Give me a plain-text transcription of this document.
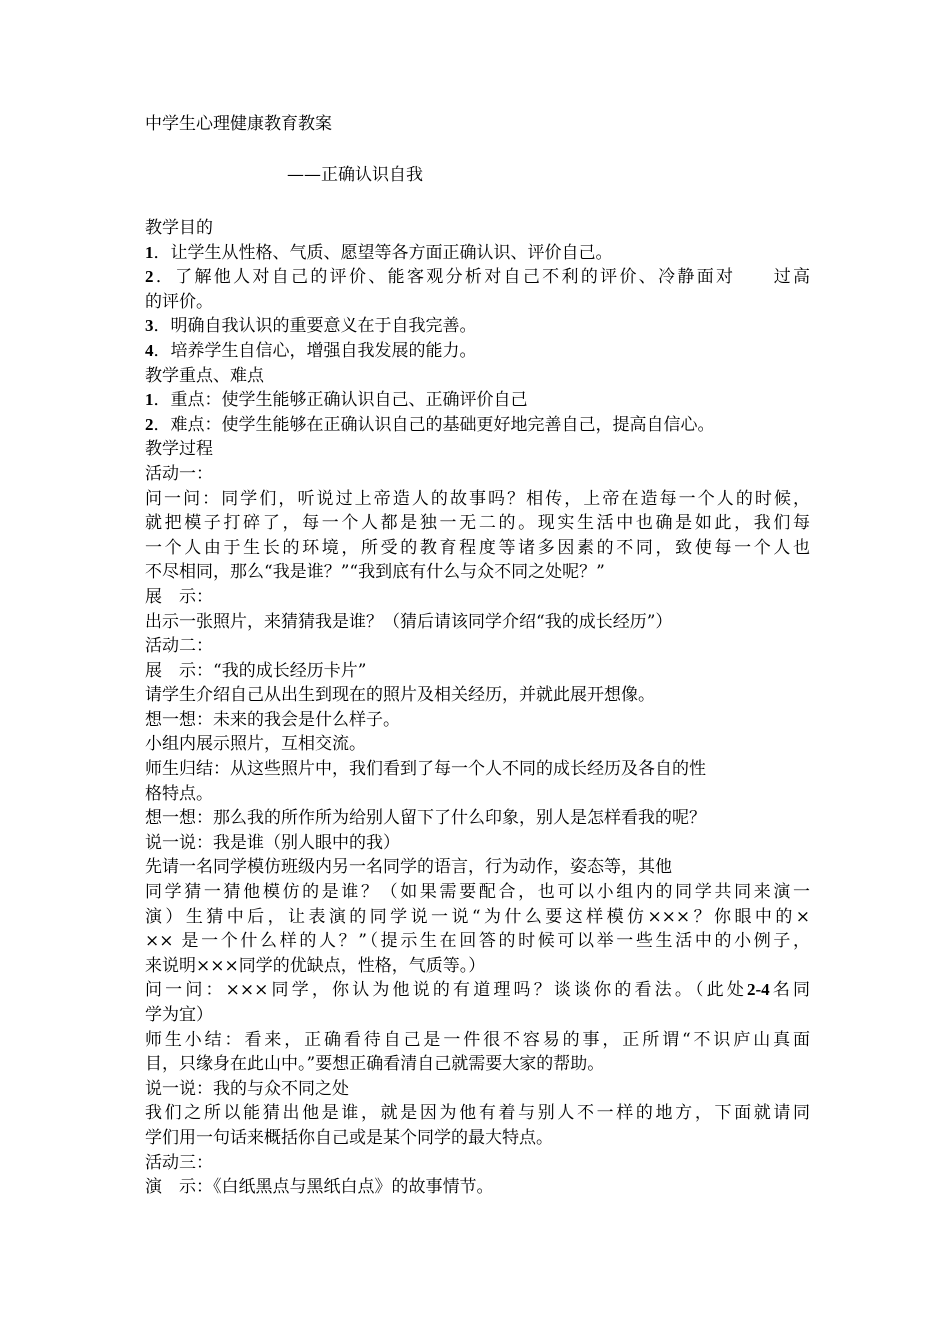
中学生心理健康教育教案
——正确认识自我
教学目的
1．让学生从性格、气质、愿望等各方面正确认识、评价自己。
2．了解他人对自己的评价、能客观分析对自己不利的评价、冷静面对 过高
的评价。
3．明确自我认识的重要意义在于自我完善。
4．培养学生自信心，增强自我发展的能力。
教学重点、难点
1．重点：使学生能够正确认识自己、正确评价自己
2．难点：使学生能够在正确认识自己的基础更好地完善自己，提高自信心。
教学过程
活动一：
问一问：同学们，听说过上帝造人的故事吗？相传，上帝在造每一个人的时候，
就把模子打碎了，每一个人都是独一无二的。现实生活中也确是如此，我们每
一个人由于生长的环境，所受的教育程度等诸多因素的不同，致使每一个人也
不尽相同，那么“我是谁？”“我到底有什么与众不同之处呢？”
展　示：
出示一张照片，来猜猜我是谁？（猜后请该同学介绍“我的成长经历”）
活动二：
展　示：“我的成长经历卡片”
请学生介绍自己从出生到现在的照片及相关经历，并就此展开想像。
想一想：未来的我会是什么样子。
小组内展示照片，互相交流。
师生归结：从这些照片中，我们看到了每一个人不同的成长经历及各自的性
格特点。
想一想：那么我的所作所为给别人留下了什么印象，别人是怎样看我的呢？
说一说：我是谁（别人眼中的我）
先请一名同学模仿班级内另一名同学的语言，行为动作，姿态等，其他
同学猜一猜他模仿的是谁？（如果需要配合，也可以小组内的同学共同来演一
演）生猜中后，让表演的同学说一说“为什么要这样模仿×××？你眼中的×
×× 是一个什么样的人？”（提示生在回答的时候可以举一些生活中的小例子，
来说明×××同学的优缺点，性格，气质等。）
问一问：×××同学，你认为他说的有道理吗？谈谈你的看法。（此处2-4名同
学为宜）
师生小结：看来，正确看待自己是一件很不容易的事，正所谓“不识庐山真面
目，只缘身在此山中。”要想正确看清自己就需要大家的帮助。
说一说：我的与众不同之处
我们之所以能猜出他是谁，就是因为他有着与别人不一样的地方，下面就请同
学们用一句话来概括你自己或是某个同学的最大特点。
活动三：
演　示：《白纸黑点与黑纸白点》的故事情节。
